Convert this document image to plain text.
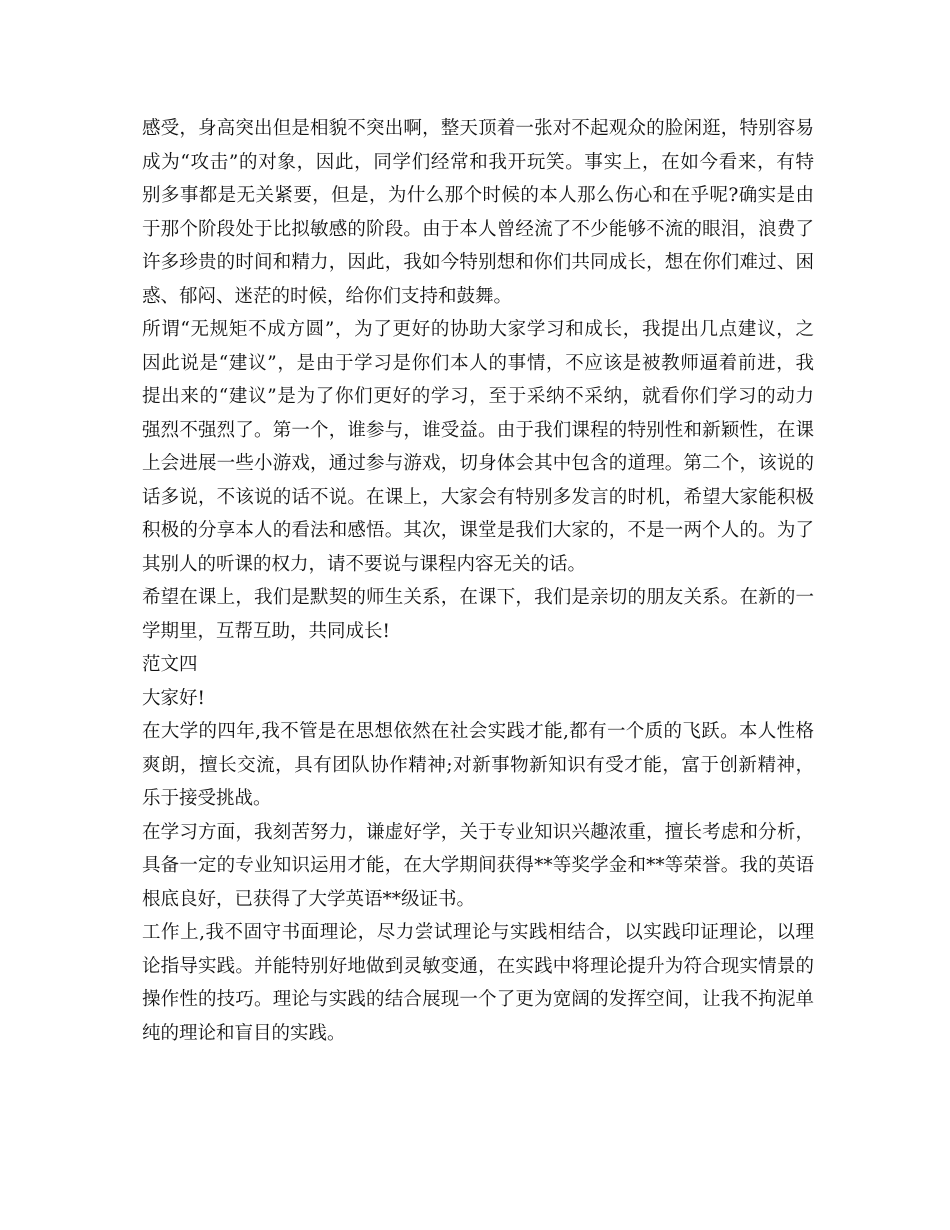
感受，身高突出但是相貌不突出啊，整天顶着一张对不起观众的脸闲逛，特别容易
成为“攻击”的对象，因此，同学们经常和我开玩笑。事实上，在如今看来，有特
别多事都是无关紧要，但是，为什么那个时候的本人那么伤心和在乎呢?确实是由
于那个阶段处于比拟敏感的阶段。由于本人曾经流了不少能够不流的眼泪，浪费了
许多珍贵的时间和精力，因此，我如今特别想和你们共同成长，想在你们难过、困
惑、郁闷、迷茫的时候，给你们支持和鼓舞。
所谓“无规矩不成方圆”，为了更好的协助大家学习和成长，我提出几点建议，之
因此说是“建议”，是由于学习是你们本人的事情，不应该是被教师逼着前进，我
提出来的“建议”是为了你们更好的学习，至于采纳不采纳，就看你们学习的动力
强烈不强烈了。第一个，谁参与，谁受益。由于我们课程的特别性和新颖性，在课
上会进展一些小游戏，通过参与游戏，切身体会其中包含的道理。第二个，该说的
话多说，不该说的话不说。在课上，大家会有特别多发言的时机，希望大家能积极
积极的分享本人的看法和感悟。其次，课堂是我们大家的，不是一两个人的。为了
其别人的听课的权力，请不要说与课程内容无关的话。
希望在课上，我们是默契的师生关系，在课下，我们是亲切的朋友关系。在新的一
学期里，互帮互助，共同成长!
范文四
大家好!
在大学的四年,我不管是在思想依然在社会实践才能,都有一个质的飞跃。本人性格
爽朗，擅长交流，具有团队协作精神;对新事物新知识有受才能，富于创新精神，
乐于接受挑战。
在学习方面，我刻苦努力，谦虚好学，关于专业知识兴趣浓重，擅长考虑和分析，
具备一定的专业知识运用才能，在大学期间获得**等奖学金和**等荣誉。我的英语
根底良好，已获得了大学英语**级证书。
工作上,我不固守书面理论，尽力尝试理论与实践相结合，以实践印证理论，以理
论指导实践。并能特别好地做到灵敏变通，在实践中将理论提升为符合现实情景的
操作性的技巧。理论与实践的结合展现一个了更为宽阔的发挥空间，让我不拘泥单
纯的理论和盲目的实践。
